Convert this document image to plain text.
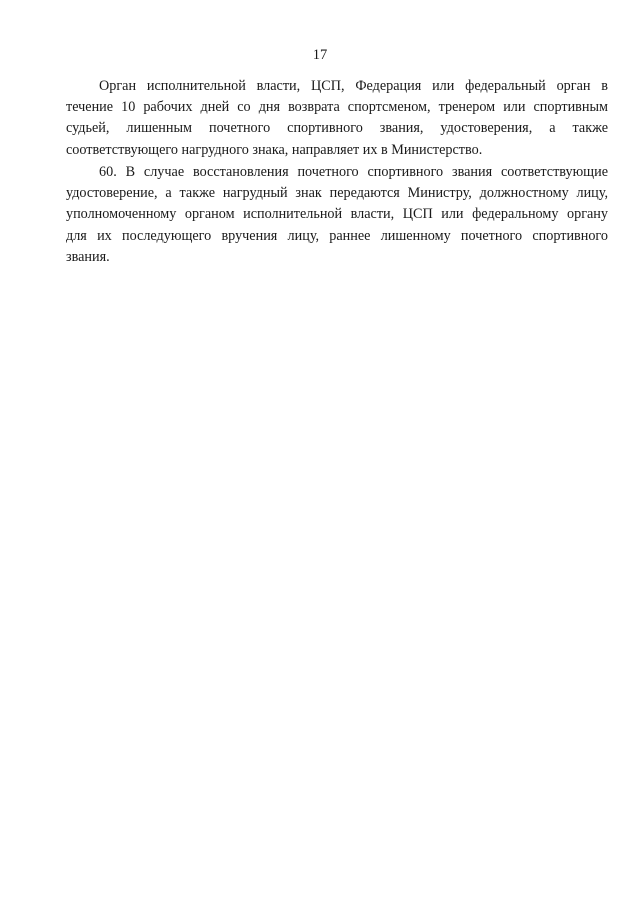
17
Орган исполнительной власти, ЦСП, Федерация или федеральный орган в
течение 10 рабочих дней со дня возврата спортсменом, тренером или спортивным
судьей, лишенным почетного спортивного звания, удостоверения, а также
соответствующего нагрудного знака, направляет их в Министерство.
60. В случае восстановления почетного спортивного звания соответствующие
удостоверение, а также нагрудный знак передаются Министру, должностному лицу,
уполномоченному органом исполнительной власти, ЦСП или федеральному органу
для их последующего вручения лицу, раннее лишенному почетного спортивного
звания.
